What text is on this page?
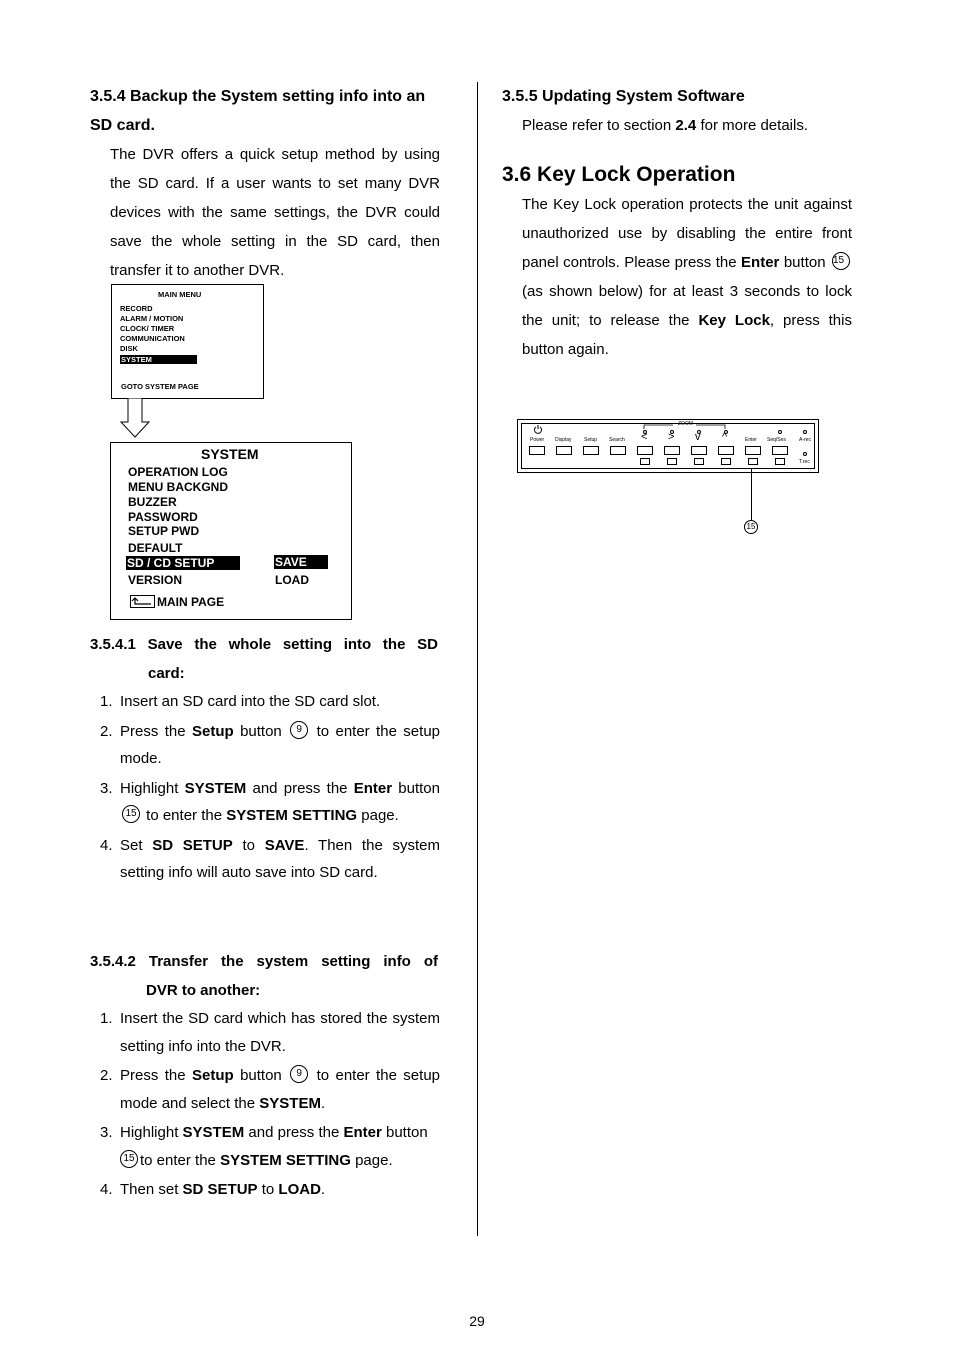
3.5.4 Backup the System setting info into an SD card.
The DVR offers a quick setup method by using the SD card. If a user wants to set many DVR devices with the same settings, the DVR could save the whole setting in the SD card, then transfer it to another DVR.
MAIN MENU
RECORD
ALARM / MOTION
CLOCK/ TIMER
COMMUNICATION
DISK
SYSTEM
GOTO SYSTEM PAGE
SYSTEM
OPERATION LOG
MENU BACKGND
BUZZER
PASSWORD
SETUP PWD
DEFAULT
SD / CD SETUP
VERSION
SAVE
LOAD
MAIN PAGE
3.5.4.1 Save the whole setting into the SD
card:
1. Insert an SD card into the SD card slot.
2. Press the Setup button 9 to enter the setup mode.
3. Highlight SYSTEM and press the Enter button 15 to enter the SYSTEM SETTING page.
4. Set SD SETUP to SAVE. Then the system setting info will auto save into SD card.
3.5.4.2 Transfer the system setting info of
DVR to another:
1. Insert the SD card which has stored the system setting info into the DVR.
2. Press the Setup button 9 to enter the setup mode and select the SYSTEM.
3. Highlight SYSTEM and press the Enter button
15 to enter the SYSTEM SETTING page.
4. Then set SD SETUP to LOAD.
3.5.5 Updating System Software
Please refer to section 2.4 for more details.
3.6 Key Lock Operation
The Key Lock operation protects the unit against unauthorized use by disabling the entire front panel controls. Please press the Enter button 15 (as shown below) for at least 3 seconds to lock the unit; to release the Key Lock, press this button again.
ZOOM
Power Display	Setup Search < > v ^	Enter Seq/Ses	A-rec
T.rec
15
29
